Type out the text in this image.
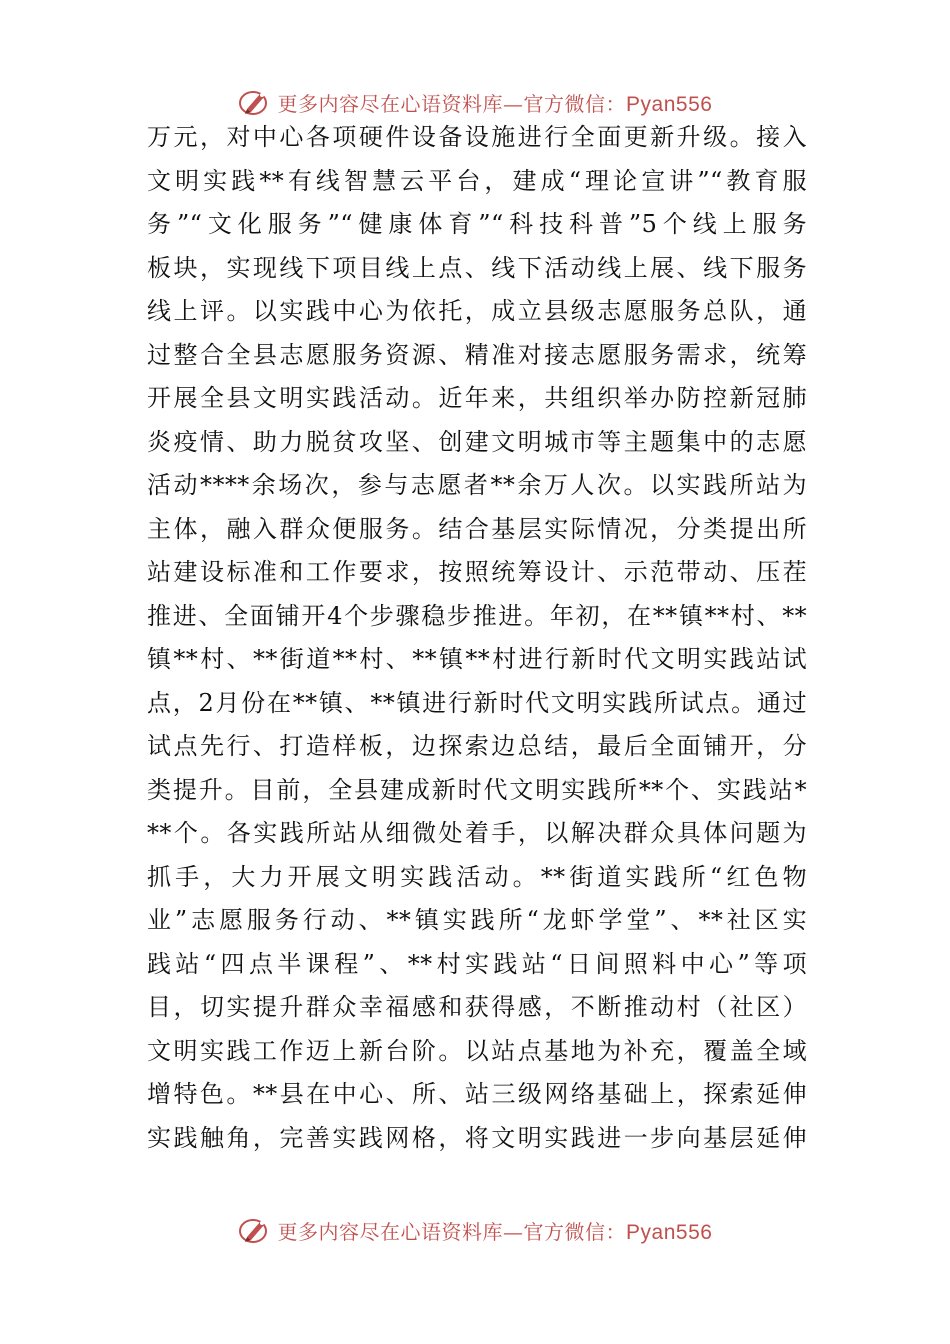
更多内容尽在心语资料库—官方微信：Pyan556
万元，对中心各项硬件设备设施进行全面更新升级。接入
文明实践**有线智慧云平台，建成“理论宣讲”“教育服
务”“文化服务”“健康体育”“科技科普”5个线上服务
板块，实现线下项目线上点、线下活动线上展、线下服务
线上评。以实践中心为依托，成立县级志愿服务总队，通
过整合全县志愿服务资源、精准对接志愿服务需求，统筹
开展全县文明实践活动。近年来，共组织举办防控新冠肺
炎疫情、助力脱贫攻坚、创建文明城市等主题集中的志愿
活动****余场次，参与志愿者**余万人次。以实践所站为
主体，融入群众便服务。结合基层实际情况，分类提出所
站建设标准和工作要求，按照统筹设计、示范带动、压茬
推进、全面铺开4个步骤稳步推进。年初，在**镇**村、**
镇**村、**街道**村、**镇**村进行新时代文明实践站试
点，2月份在**镇、**镇进行新时代文明实践所试点。通过
试点先行、打造样板，边探索边总结，最后全面铺开，分
类提升。目前，全县建成新时代文明实践所**个、实践站*
**个。各实践所站从细微处着手，以解决群众具体问题为
抓手，大力开展文明实践活动。**街道实践所“红色物
业”志愿服务行动、**镇实践所“龙虾学堂”、**社区实
践站“四点半课程”、**村实践站“日间照料中心”等项
目，切实提升群众幸福感和获得感，不断推动村（社区）
文明实践工作迈上新台阶。以站点基地为补充，覆盖全域
增特色。**县在中心、所、站三级网络基础上，探索延伸
实践触角，完善实践网格，将文明实践进一步向基层延伸
更多内容尽在心语资料库—官方微信：Pyan556
